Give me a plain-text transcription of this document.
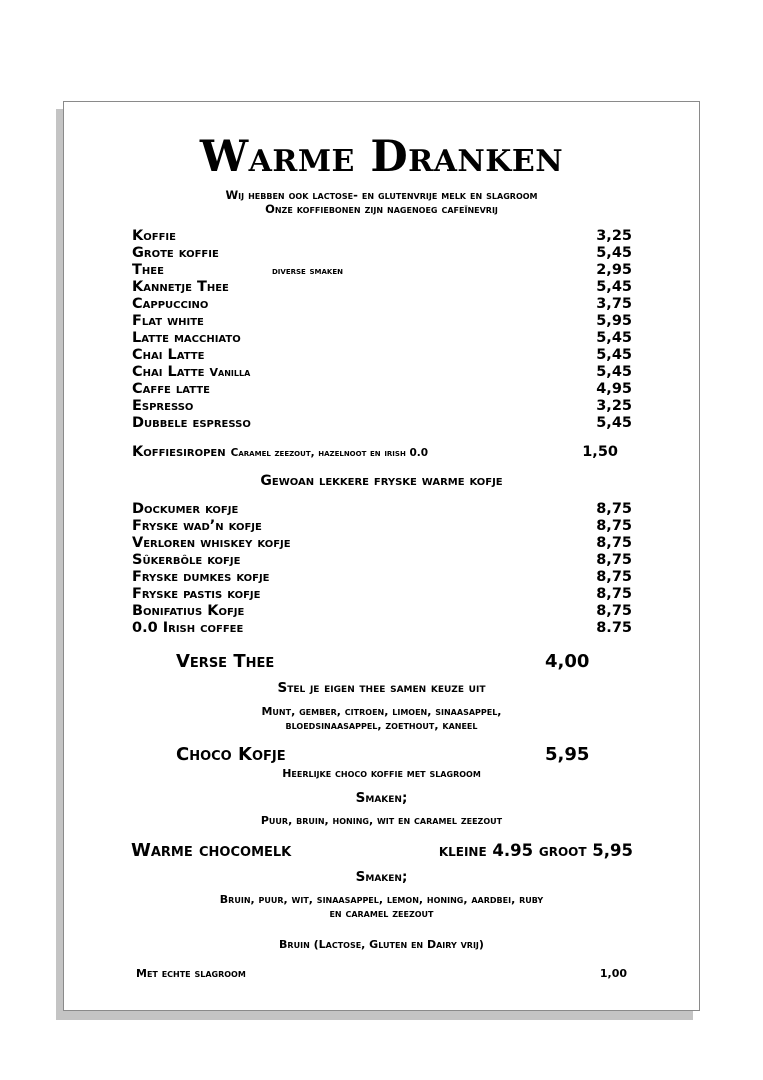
Warme Dranken
Wij hebben ook lactose- en glutenvrije melk en slagroom
Onze koffiebonen zijn nagenoeg cafeïnevrij
Koffie	3,25
Grote koffie	5,45
Thee	diverse smaken	2,95
Kannetje Thee	5,45
Cappuccino	3,75
Flat white	5,95
Latte macchiato	5,45
Chai Latte	5,45
Chai Latte Vanilla	5,45
Caffe latte	4,95
Espresso	3,25
Dubbele espresso	5,45
Koffiesiropen Caramel zeezout, hazelnoot en irish 0.0	1,50
Gewoan lekkere fryske warme kofje
Dockumer kofje	8,75
Fryske wad’n kofje	8,75
Verloren whiskey kofje	8,75
Sûkerbôle kofje	8,75
Fryske dumkes kofje	8,75
Fryske pastis kofje	8,75
Bonifatius Kofje	8,75
0.0 Irish coffee	8.75
Verse Thee	4,00
Stel je eigen thee samen keuze uit
Munt, gember, citroen, limoen, sinaasappel,
bloedsinaasappel, zoethout, kaneel
Choco Kofje	5,95
Heerlijke choco koffie met slagroom
Smaken;
Puur, bruin, honing, wit en caramel zeezout
Warme chocomelk	kleine 4.95 groot 5,95
Smaken;
Bruin, puur, wit, sinaasappel, lemon, honing, aardbei, ruby
en caramel zeezout
Bruin (Lactose, Gluten en Dairy vrij)
Met echte slagroom	1,00
